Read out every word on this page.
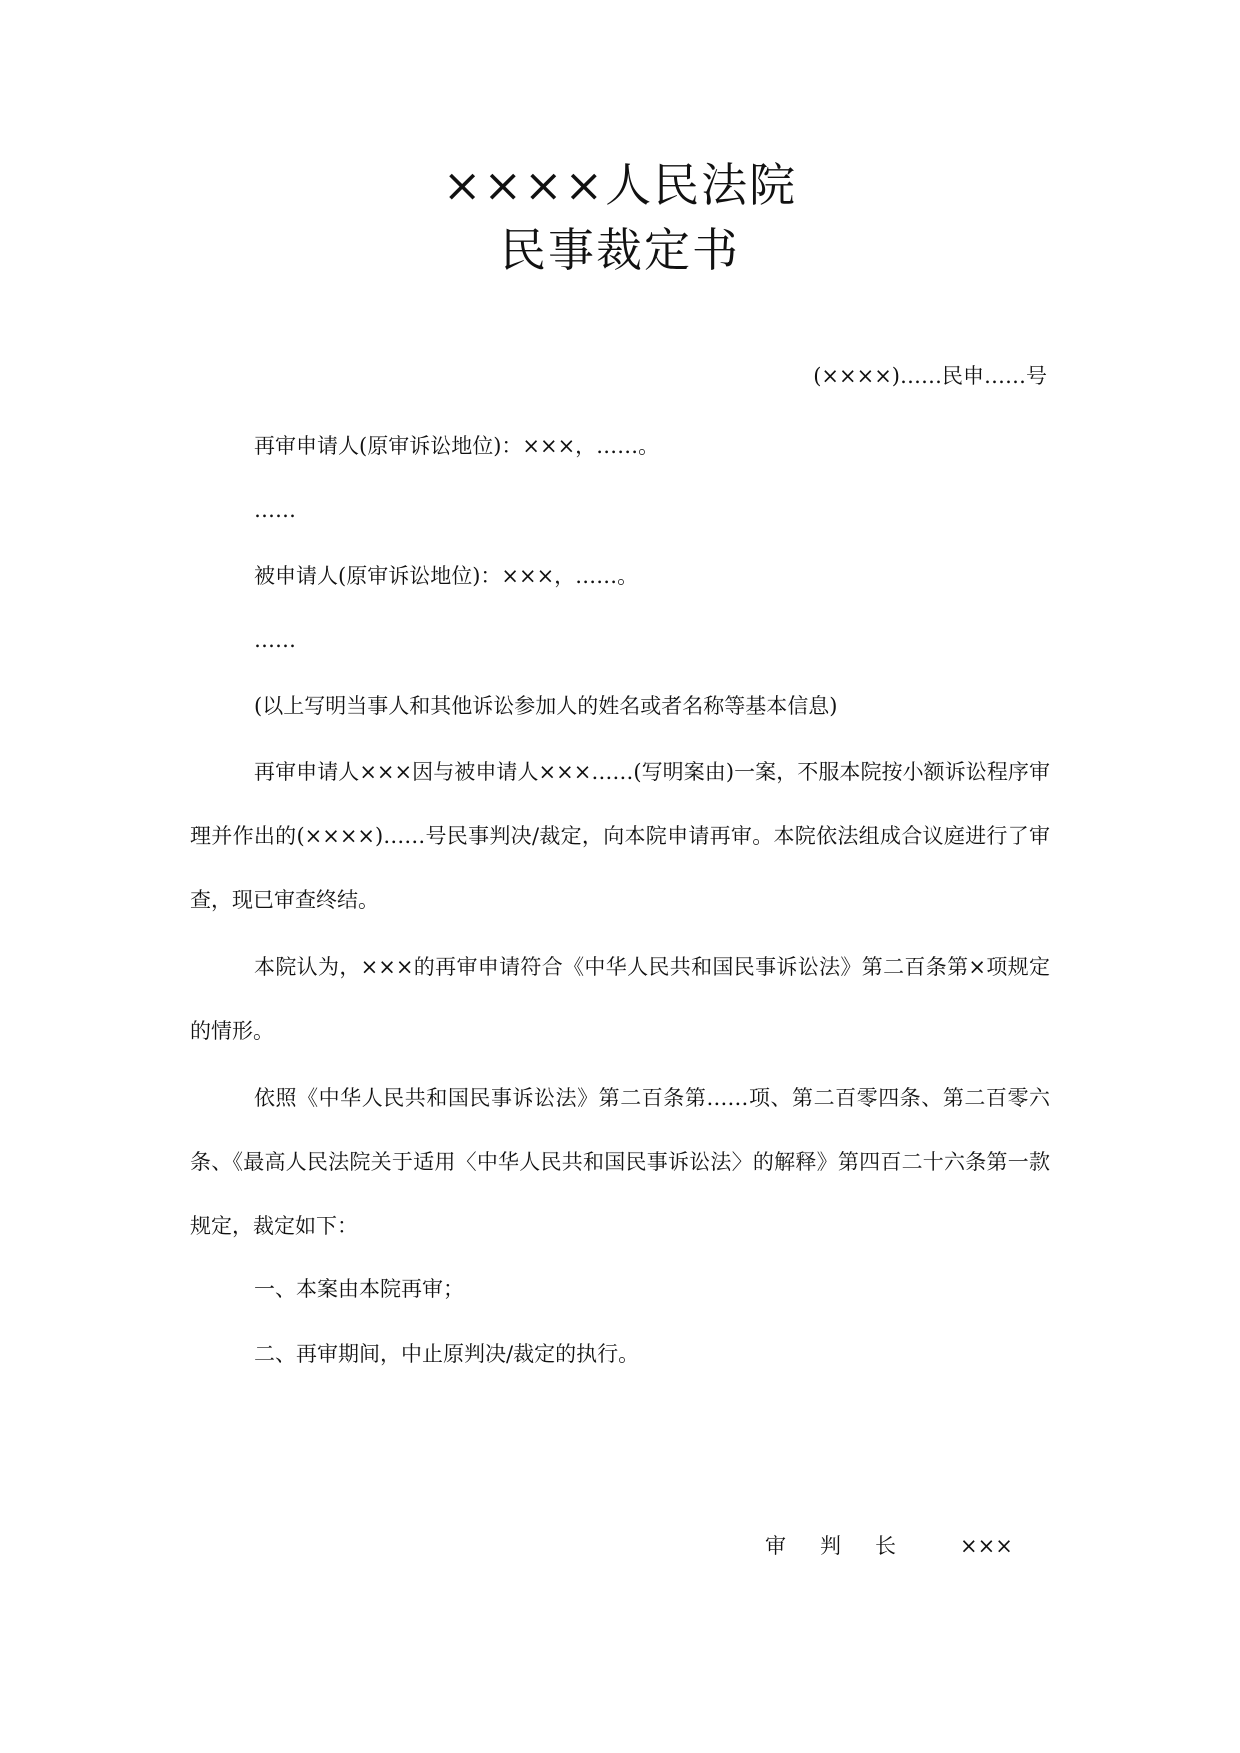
××××人民法院
民事裁定书
(××××)……民申……号
再审申请人(原审诉讼地位)：×××，……。
……
被申请人(原审诉讼地位)：×××，……。
……
(以上写明当事人和其他诉讼参加人的姓名或者名称等基本信息)

再审申请人×××因与被申请人×××……(写明案由)一案，不服本院按小额诉讼程序审理并作出的(××××)……号民事判决/裁定，向本院申请再审。本院依法组成合议庭进行了审查，现已审查终结。

本院认为，×××的再审申请符合《中华人民共和国民事诉讼法》第二百条第×项规定的情形。

依照《中华人民共和国民事诉讼法》第二百条第……项、第二百零四条、第二百零六条、《最高人民法院关于适用〈中华人民共和国民事诉讼法〉的解释》第四百二十六条第一款规定，裁定如下：

一、本案由本院再审；
二、再审期间，中止原判决/裁定的执行。
审判长 ×××
